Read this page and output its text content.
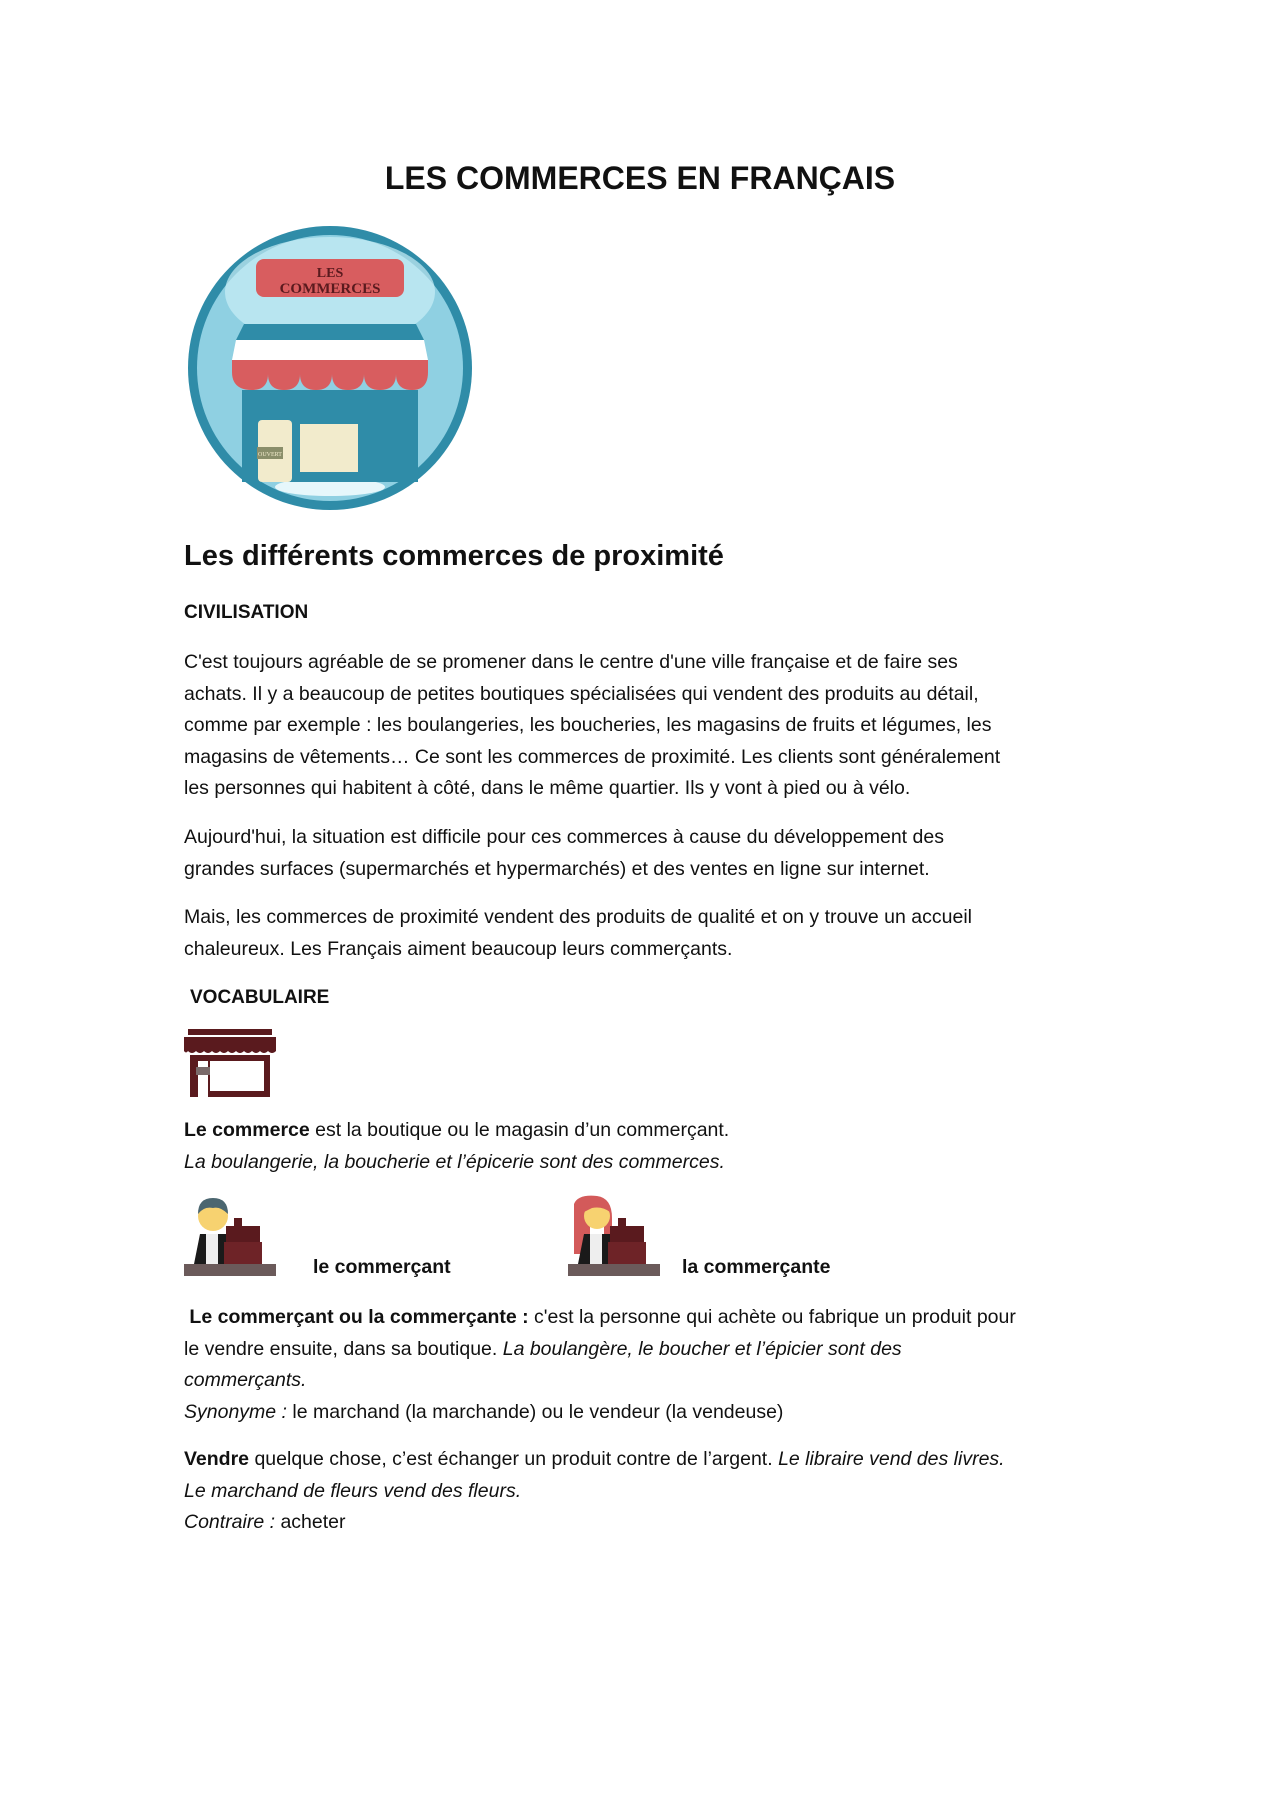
LES COMMERCES EN FRANÇAIS
LES
COMMERCES
OUVERT
Les différents commerces de proximité
CIVILISATION
C'est toujours agréable de se promener dans le centre d'une ville française et de faire ses
achats. Il y a beaucoup de petites boutiques spécialisées qui vendent des produits au détail,
comme par exemple : les boulangeries, les boucheries, les magasins de fruits et légumes, les
magasins de vêtements… Ce sont les commerces de proximité. Les clients sont généralement
les personnes qui habitent à côté, dans le même quartier. Ils y vont à pied ou à vélo.
Aujourd'hui, la situation est difficile pour ces commerces à cause du développement des
grandes surfaces (supermarchés et hypermarchés) et des ventes en ligne sur internet.
Mais, les commerces de proximité vendent des produits de qualité et on y trouve un accueil
chaleureux. Les Français aiment beaucoup leurs commerçants.
VOCABULAIRE
Le commerce est la boutique ou le magasin d’un commerçant.
La boulangerie, la boucherie et l’épicerie sont des commerces.
le commerçant	la commerçante
Le commerçant ou la commerçante : c'est la personne qui achète ou fabrique un produit pour
le vendre ensuite, dans sa boutique. La boulangère, le boucher et l’épicier sont des
commerçants.
Synonyme : le marchand (la marchande) ou le vendeur (la vendeuse)
Vendre quelque chose, c’est échanger un produit contre de l’argent. Le libraire vend des livres.
Le marchand de fleurs vend des fleurs.
Contraire : acheter
